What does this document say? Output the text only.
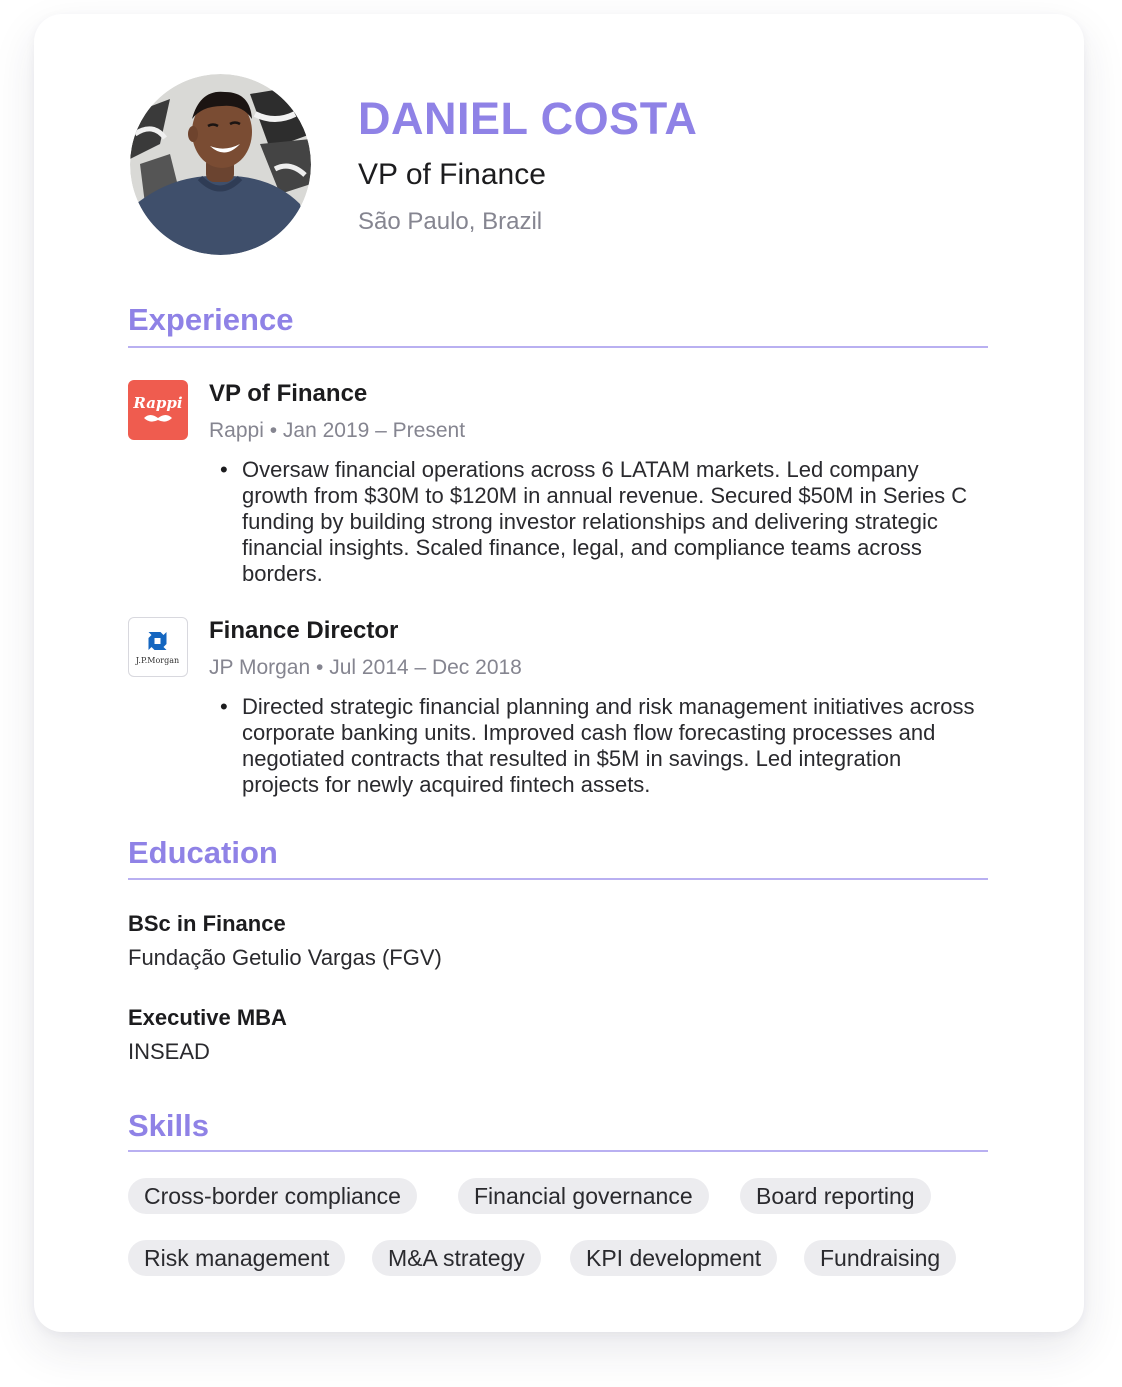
DANIEL COSTA
VP of Finance
São Paulo, Brazil
Experience
Rappi VP of Finance
Rappi • Jan 2019 – Present
• Oversaw financial operations across 6 LATAM markets. Led company growth from $30M to $120M in annual revenue. Secured $50M in Series C funding by building strong investor relationships and delivering strategic financial insights. Scaled finance, legal, and compliance teams across borders.
J.P.Morgan
Finance Director
JP Morgan • Jul 2014 – Dec 2018
• Directed strategic financial planning and risk management initiatives across corporate banking units. Improved cash flow forecasting processes and negotiated contracts that resulted in $5M in savings. Led integration projects for newly acquired fintech assets.
Education
BSc in Finance
Fundação Getulio Vargas (FGV)
Executive MBA
INSEAD
Skills
Cross-border compliance	Financial governance	Board reporting
Risk management	M&A strategy	KPI development	Fundraising
